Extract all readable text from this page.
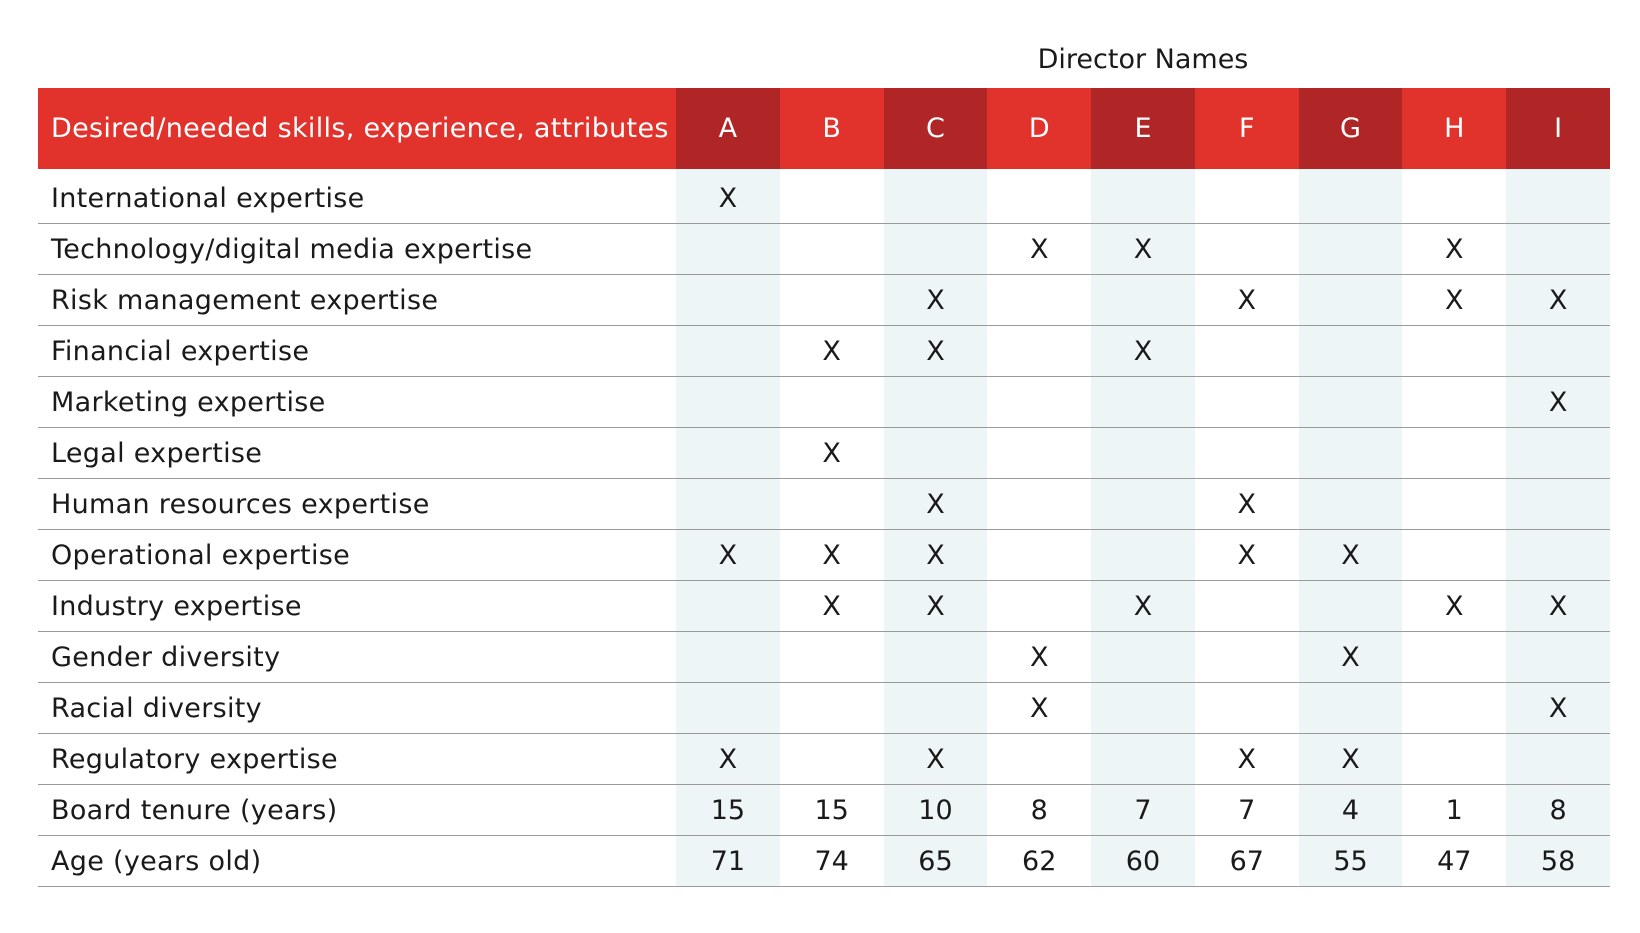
Director Names
Desired/needed skills, experience, attributes	A	B	C	D	E	F	G	H	I
International expertise	X								
Technology/digital media expertise				X	X			X	
Risk management expertise			X			X		X	X
Financial expertise		X	X		X				
Marketing expertise									X
Legal expertise		X							
Human resources expertise			X			X			
Operational expertise	X	X	X			X	X		
Industry expertise		X	X		X			X	X
Gender diversity				X			X		
Racial diversity				X					X
Regulatory expertise	X		X			X	X		
Board tenure (years)	15	15	10	8	7	7	4	1	8
Age (years old)	71	74	65	62	60	67	55	47	58
